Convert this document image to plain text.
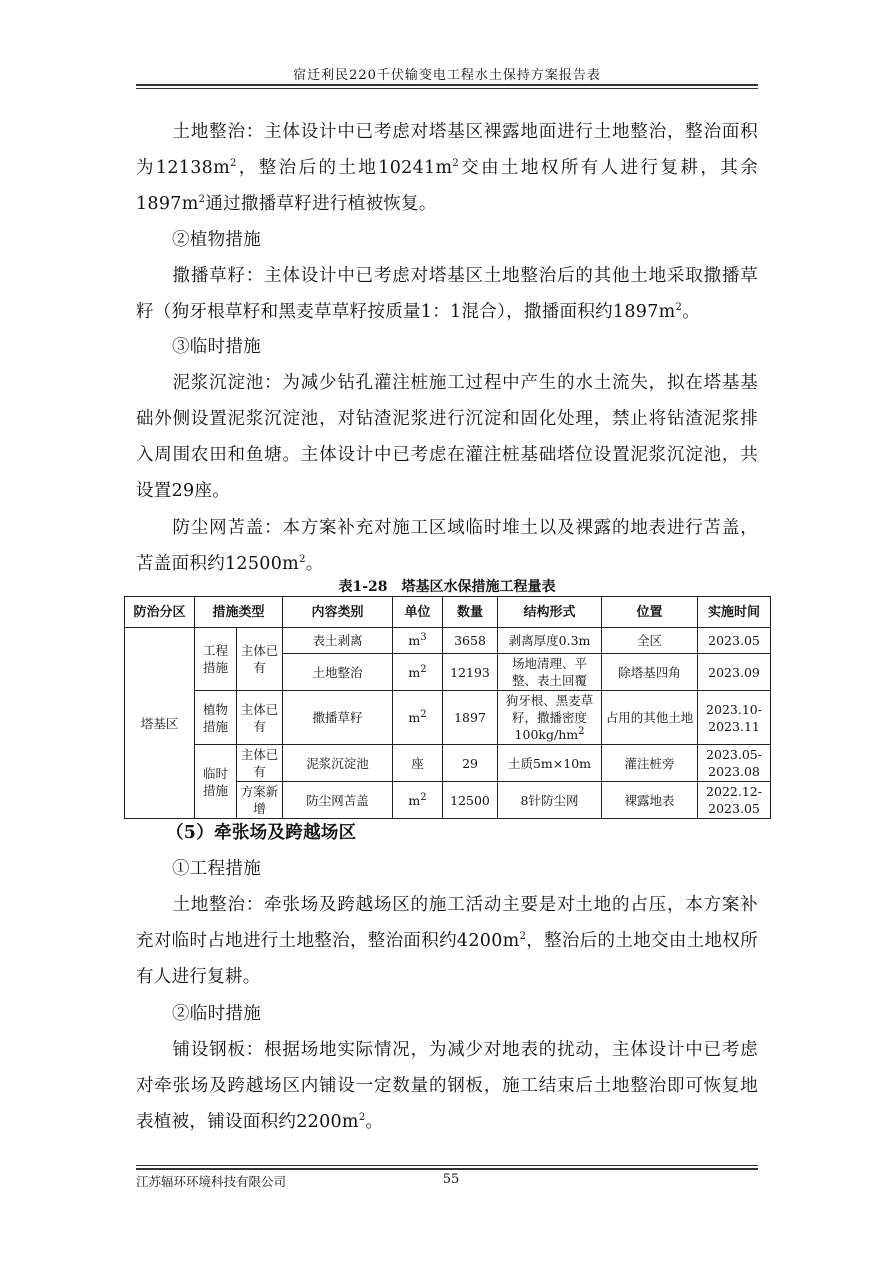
宿迁利民220千伏输变电工程水土保持方案报告表
土地整治：主体设计中已考虑对塔基区裸露地面进行土地整治，整治面积为$12138m^2$，整治后的土地$10241m^2$交由土地权所有人进行复耕，其余$1897m^2$通过撒播草籽进行植被恢复。
②植物措施
撒播草籽：主体设计中已考虑对塔基区土地整治后的其他土地采取撒播草籽（狗牙根草籽和黑麦草草籽按质量1：1混合），撒播面积约$1897m^2$。
③临时措施
泥浆沉淀池：为减少钻孔灌注桩施工过程中产生的水土流失，拟在塔基基础外侧设置泥浆沉淀池，对钻渣泥浆进行沉淀和固化处理，禁止将钻渣泥浆排入周围农田和鱼塘。主体设计中已考虑在灌注桩基础塔位设置泥浆沉淀池，共设置29座。
防尘网苫盖：本方案补充对施工区域临时堆土以及裸露的地表进行苫盖，苫盖面积约$12500m^2$。
表1-28　塔基区水保措施工程量表
防治分区	措施类型		内容类别	单位	数量	结构形式	位置	实施时间
塔基区	工程措施	主体已有	表土剥离	$m^3$	3658	剥离厚度0.3m	全区	2023.05
			土地整治	$m^2$	12193	场地清理、平整、表土回覆	除塔基四角	2023.09
	植物措施	主体已有	撒播草籽	$m^2$	1897	狗牙根、黑麦草籽，撒播密度$100kg/hm^2$	占用的其他土地	2023.10-2023.11
	临时措施	主体已有	泥浆沉淀池	座	29	土质5m×10m	灌注桩旁	2023.05-2023.08
		方案新增	防尘网苫盖	$m^2$	12500	8针防尘网	裸露地表	2022.12-2023.05
（5）牵张场及跨越场区
①工程措施
土地整治：牵张场及跨越场区的施工活动主要是对土地的占压，本方案补充对临时占地进行土地整治，整治面积约$4200m^2$，整治后的土地交由土地权所有人进行复耕。
②临时措施
铺设钢板：根据场地实际情况，为减少对地表的扰动，主体设计中已考虑对牵张场及跨越场区内铺设一定数量的钢板，施工结束后土地整治即可恢复地表植被，铺设面积约$2200m^2$。
江苏辐环环境科技有限公司	55
